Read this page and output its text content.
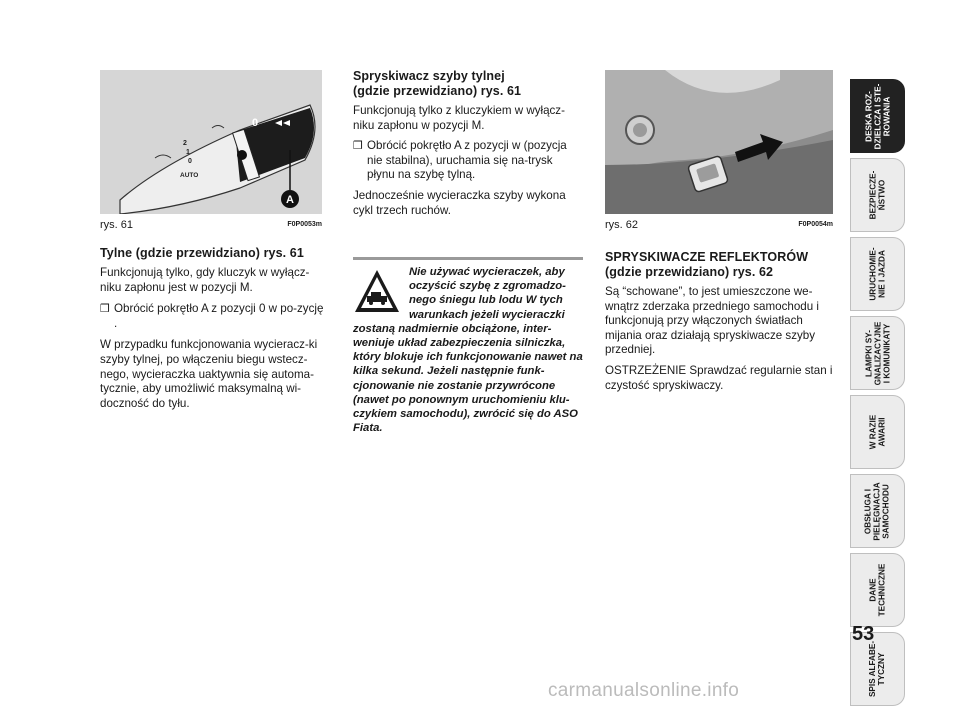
A
0
2
1
0
AUTO
rys. 61	F0P0053m
Tylne (gdzie przewidziano) rys. 61

Funkcjonują tylko, gdy kluczyk w wyłącz-niku zapłonu jest w pozycji M.

❒ Obrócić pokrętło A z pozycji 0 w po-zycję .

W przypadku funkcjonowania wycieracz-ki szyby tylnej, po włączeniu biegu wstecz-nego, wycieraczka uaktywnia się automa-tycznie, aby umożliwić maksymalną wi-doczność do tyłu.

Spryskiwacz szyby tylnej
(gdzie przewidziano) rys. 61

Funkcjonują tylko z kluczykiem w wyłącz-niku zapłonu w pozycji M.

❒ Obrócić pokrętło A z pozycji w (pozycja nie stabilna), uruchamia się na-trysk płynu na szybę tylną.

Jednocześnie wycieraczka szyby wykona cykl trzech ruchów.

Nie używać wycieraczek, aby oczyścić szybę z zgromadzo-nego śniegu lub lodu W tych warunkach jeżeli wycieraczki zostaną nadmiernie obciążone, inter-weniuje układ zabezpieczenia silniczka, który blokuje ich funkcjonowanie nawet na kilka sekund. Jeżeli następnie funk-cjonowanie nie zostanie przywrócone (nawet po ponownym uruchomieniu klu-czykiem samochodu), zwrócić się do ASO Fiata.

rys. 62	F0P0054m
SPRYSKIWACZE REFLEKTORÓW
(gdzie przewidziano) rys. 62

Są “schowane”, to jest umieszczone we-wnątrz zderzaka przedniego samochodu i funkcjonują przy włączonych światłach mijania oraz działają spryskiwacze szyby przedniej.

OSTRZEŻENIE Sprawdzać regularnie stan i czystość spryskiwaczy.

DESKA ROZ-
DZIELCZA I STE-
ROWANIA
BEZPIECZE-
ŃSTWO
URUCHOMIE-
NIE I JAZDA
LAMPKI SY-
GNALIZACYJNE
I KOMUNIKATY
W RAZIE
AWARII
OBSŁUGA I
PIELĘGNACJA
SAMOCHODU
DANE
TECHNICZNE
SPIS ALFABE-
TYCZNY
53
carmanualsonline.info
